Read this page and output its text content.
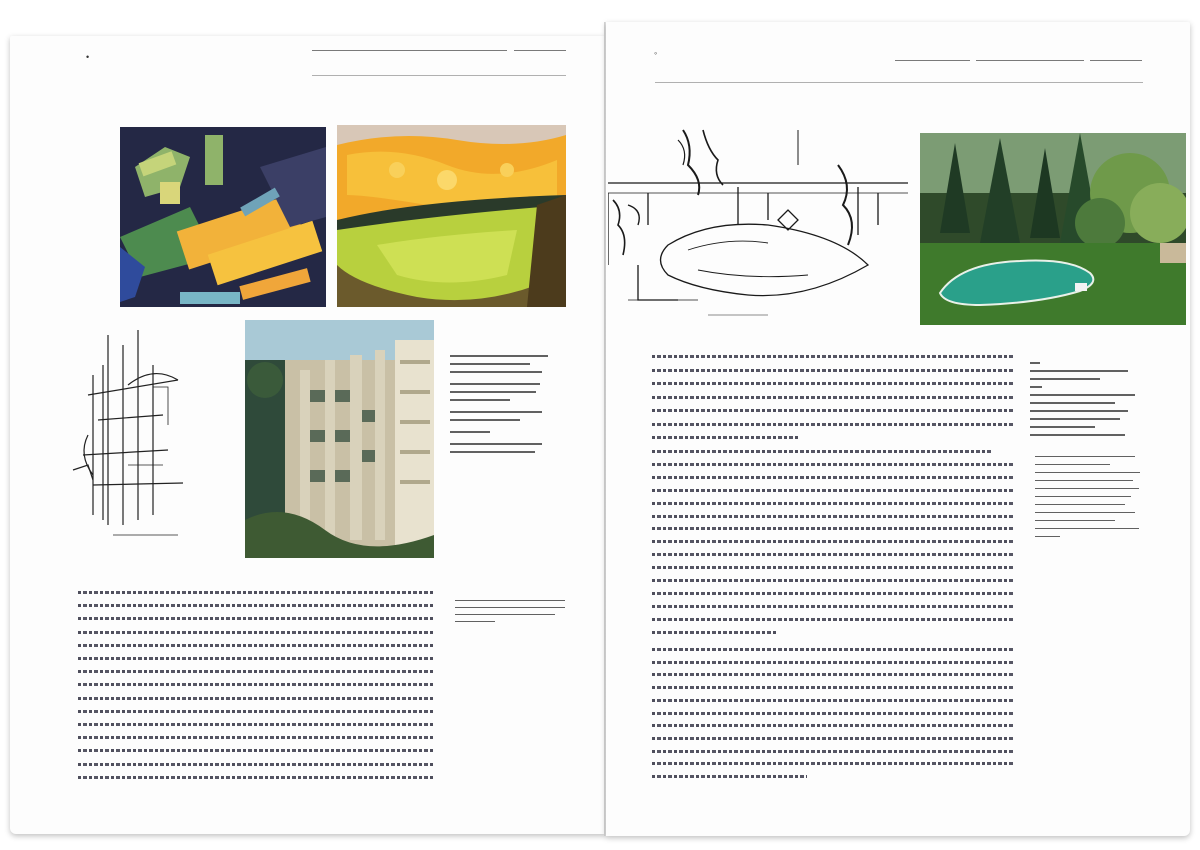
•	◦
